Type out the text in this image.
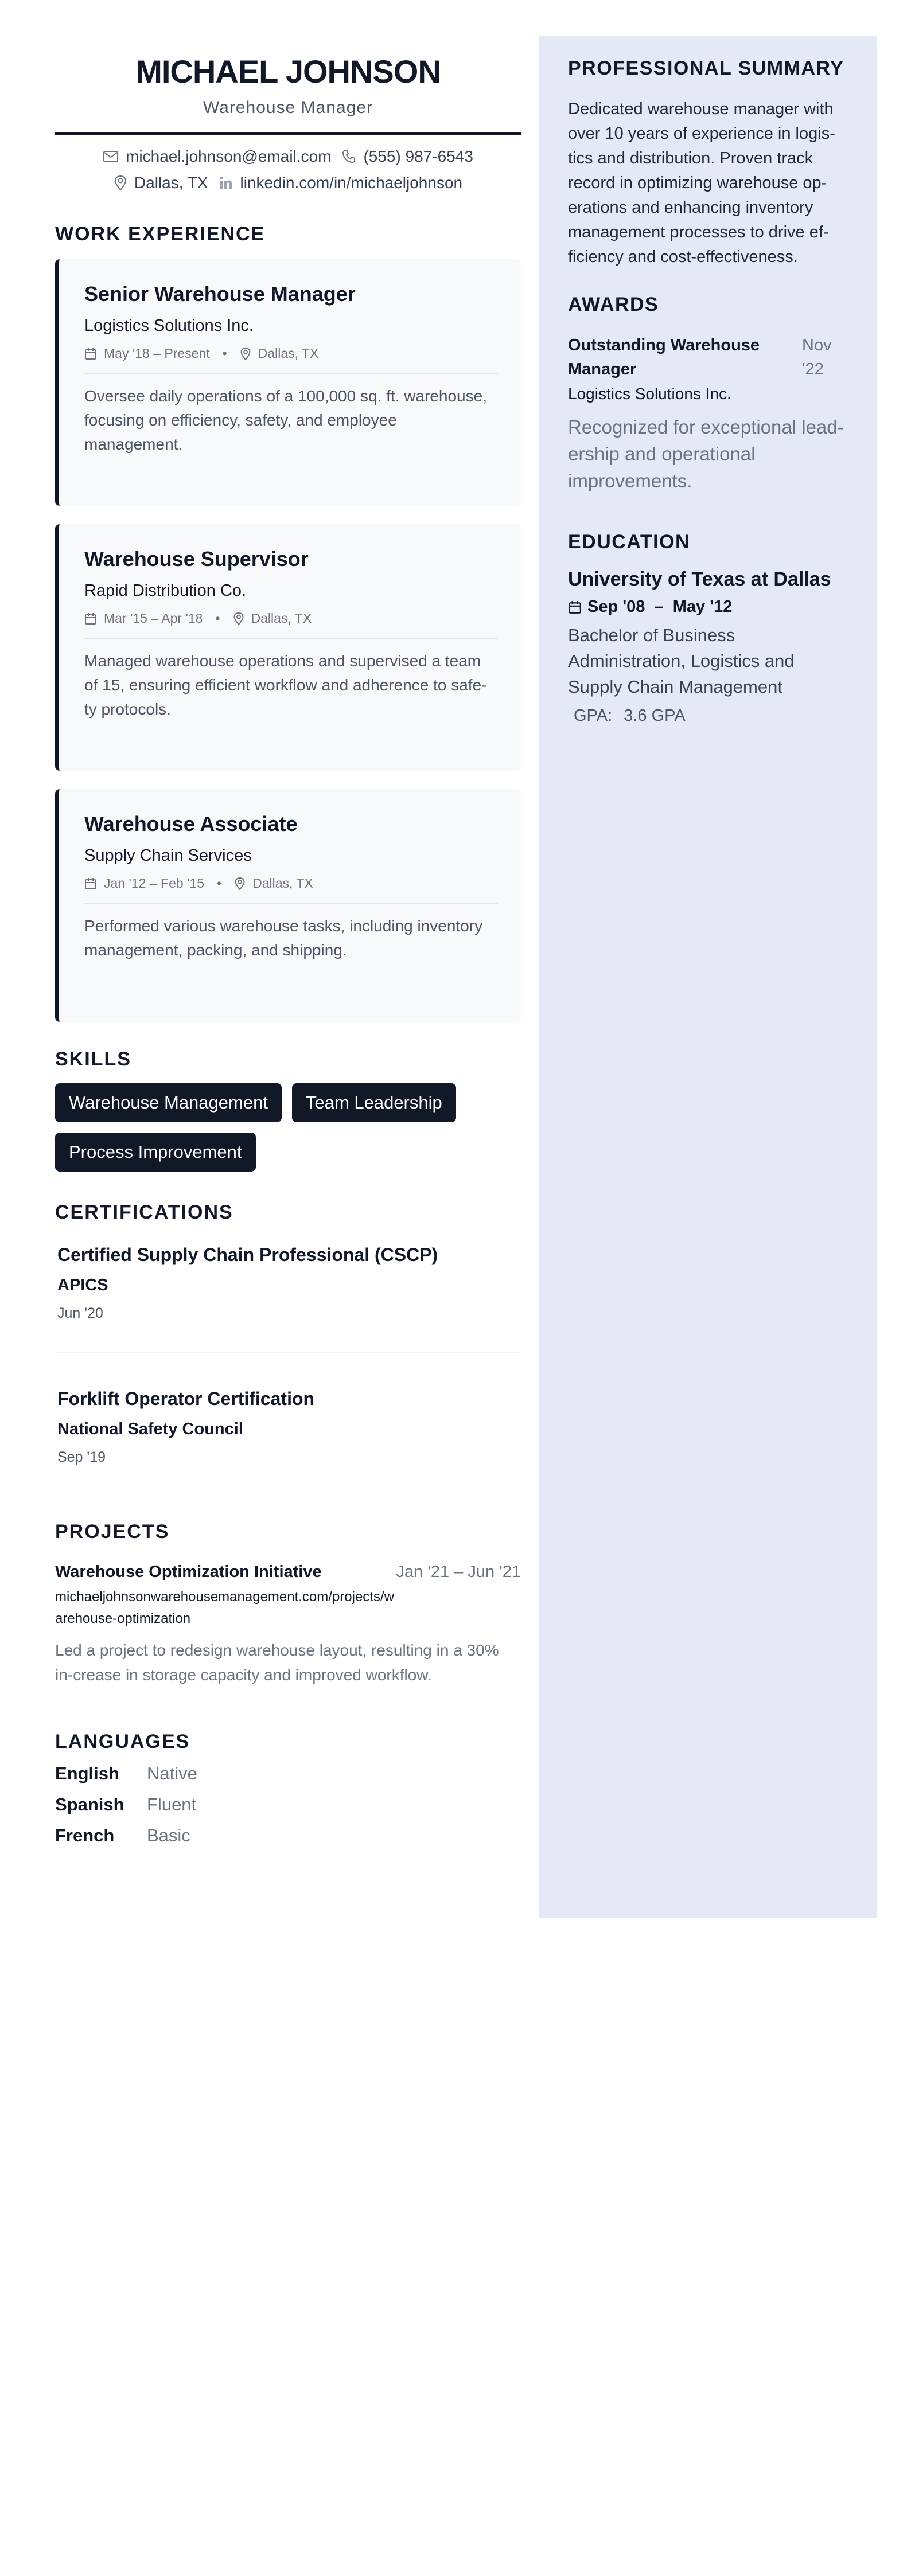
MICHAEL JOHNSON
Warehouse Manager
michael.johnson@email.com (555) 987-6543
Dallas, TX linkedin.com/in/michaeljohnson
WORK EXPERIENCE
Senior Warehouse Manager
Logistics Solutions Inc.
May '18 – Present • Dallas, TX
Oversee daily operations of a 100,000 sq. ft. warehouse, focusing on efficiency, safety, and employee management.
Warehouse Supervisor
Rapid Distribution Co.
Mar '15 – Apr '18 • Dallas, TX
Managed warehouse operations and supervised a team of 15, ensuring efficient workflow and adherence to safe-ty protocols.
Warehouse Associate
Supply Chain Services
Jan '12 – Feb '15 • Dallas, TX
Performed various warehouse tasks, including inventory management, packing, and shipping.
SKILLS
Warehouse Management	Team Leadership
Process Improvement
CERTIFICATIONS
Certified Supply Chain Professional (CSCP)
APICS
Jun '20
Forklift Operator Certification
National Safety Council
Sep '19
PROJECTS
Warehouse Optimization Initiative	Jan '21 – Jun '21
michaeljohnsonwarehousemanagement.com/projects/warehouse-optimization
Led a project to redesign warehouse layout, resulting in a 30% in-crease in storage capacity and improved workflow.
LANGUAGES
English	Native
Spanish	Fluent
French	Basic
PROFESSIONAL SUMMARY
Dedicated warehouse manager with over 10 years of experience in logis-tics and distribution. Proven track record in optimizing warehouse op-erations and enhancing inventory management processes to drive ef-ficiency and cost-effectiveness.
AWARDS
Outstanding Warehouse Manager
Nov '22
Logistics Solutions Inc.
Recognized for exceptional lead-ership and operational improvements.
EDUCATION
University of Texas at Dallas
Sep '08  –  May '12
Bachelor of Business Administration, Logistics and Supply Chain Management
GPA: 3.6 GPA
